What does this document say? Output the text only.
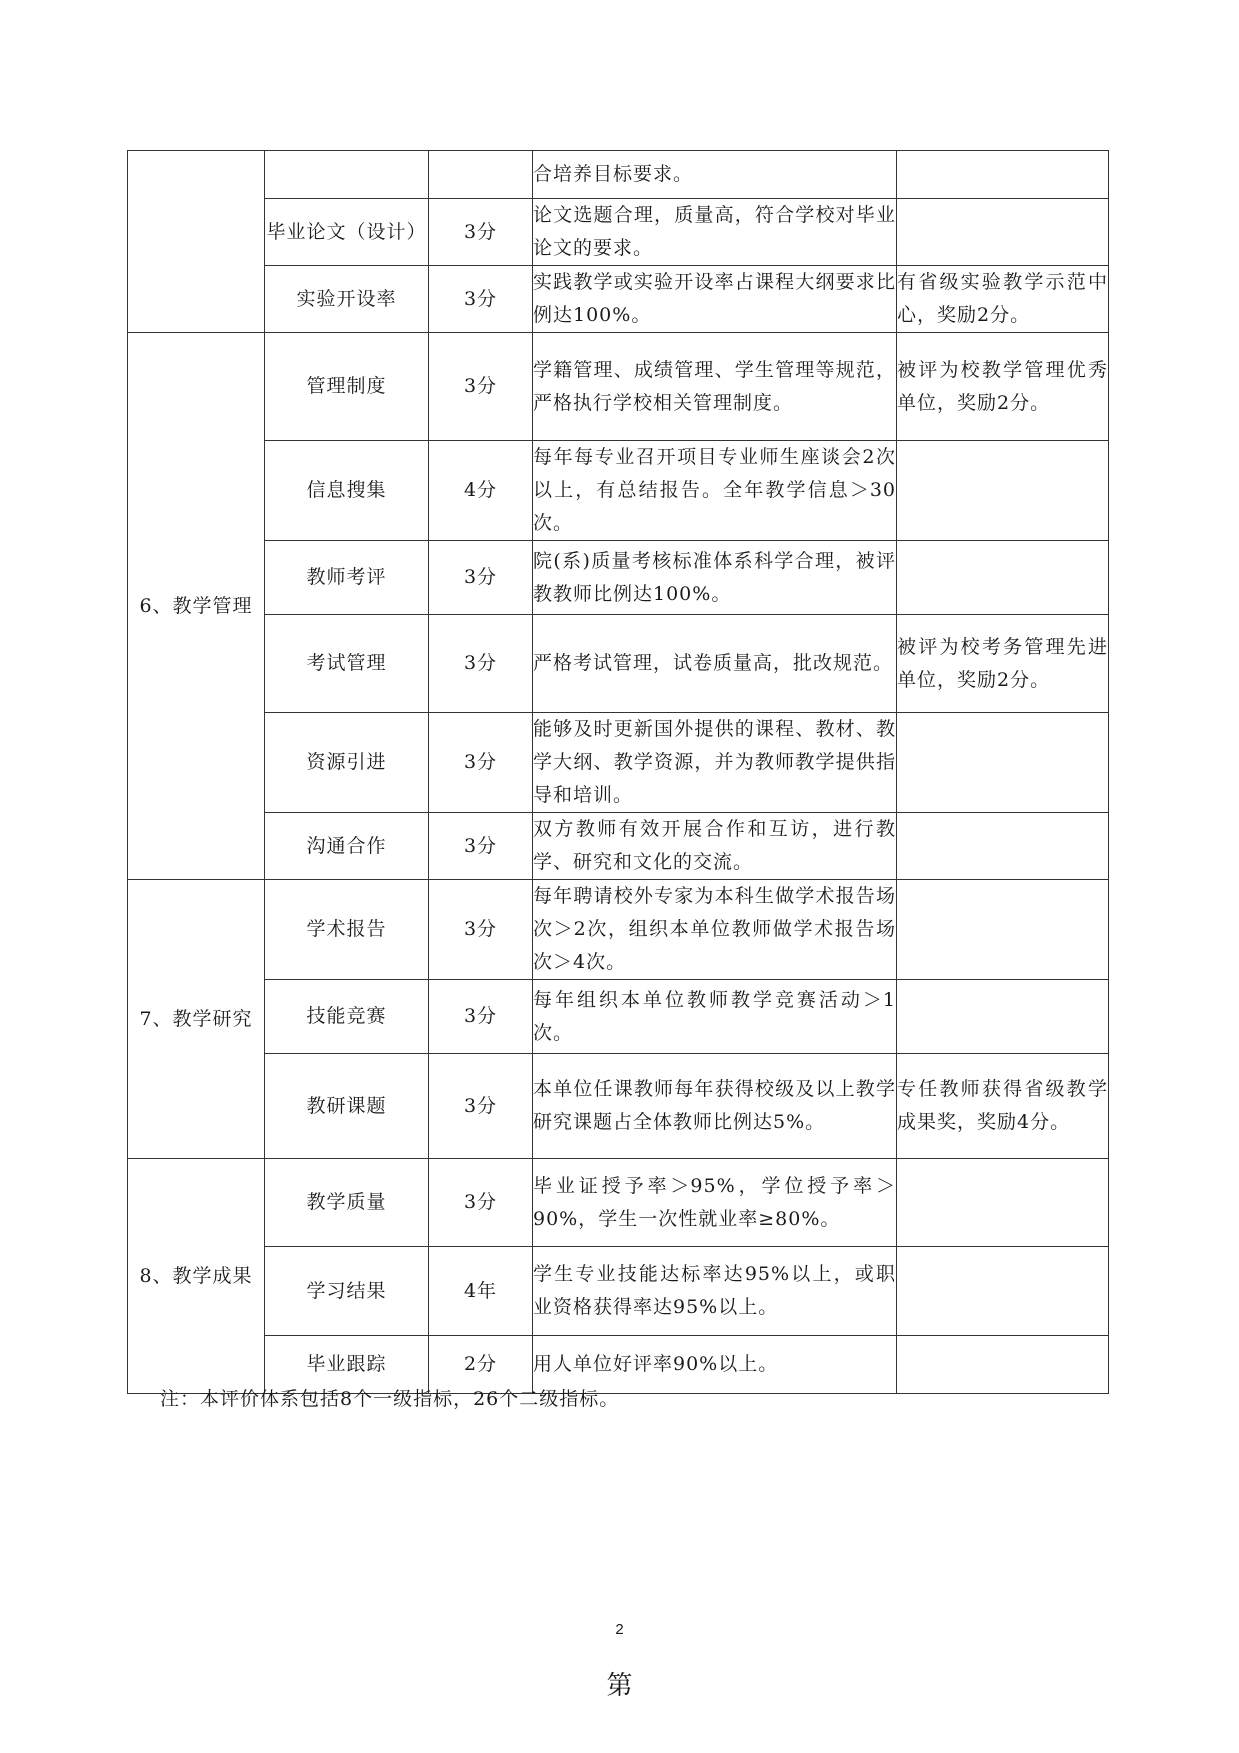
			合培养目标要求。	
	毕业论文（设计）	3分	论文选题合理，质量高，符合学校对毕业论文的要求。	
	实验开设率	3分	实践教学或实验开设率占课程大纲要求比例达100%。	有省级实验教学示范中心，奖励2分。
6、教学管理	管理制度	3分	学籍管理、成绩管理、学生管理等规范，严格执行学校相关管理制度。	被评为校教学管理优秀单位，奖励2分。
	信息搜集	4分	每年每专业召开项目专业师生座谈会2次以上，有总结报告。全年教学信息＞30次。	
	教师考评	3分	院(系)质量考核标准体系科学合理，被评教教师比例达100%。	
	考试管理	3分	严格考试管理，试卷质量高，批改规范。	被评为校考务管理先进单位，奖励2分。
	资源引进	3分	能够及时更新国外提供的课程、教材、教学大纲、教学资源，并为教师教学提供指导和培训。	
	沟通合作	3分	双方教师有效开展合作和互访，进行教学、研究和文化的交流。	
7、教学研究	学术报告	3分	每年聘请校外专家为本科生做学术报告场次＞2次，组织本单位教师做学术报告场次＞4次。	
	技能竞赛	3分	每年组织本单位教师教学竞赛活动＞1次。	
	教研课题	3分	本单位任课教师每年获得校级及以上教学研究课题占全体教师比例达5%。	专任教师获得省级教学成果奖，奖励4分。
8、教学成果	教学质量	3分	毕业证授予率＞95%，学位授予率＞90%，学生一次性就业率≥80%。	
	学习结果	4年	学生专业技能达标率达95%以上，或职业资格获得率达95%以上。	
	毕业跟踪	2分	用人单位好评率90%以上。	
注：本评价体系包括8个一级指标，26个二级指标。
2
第
